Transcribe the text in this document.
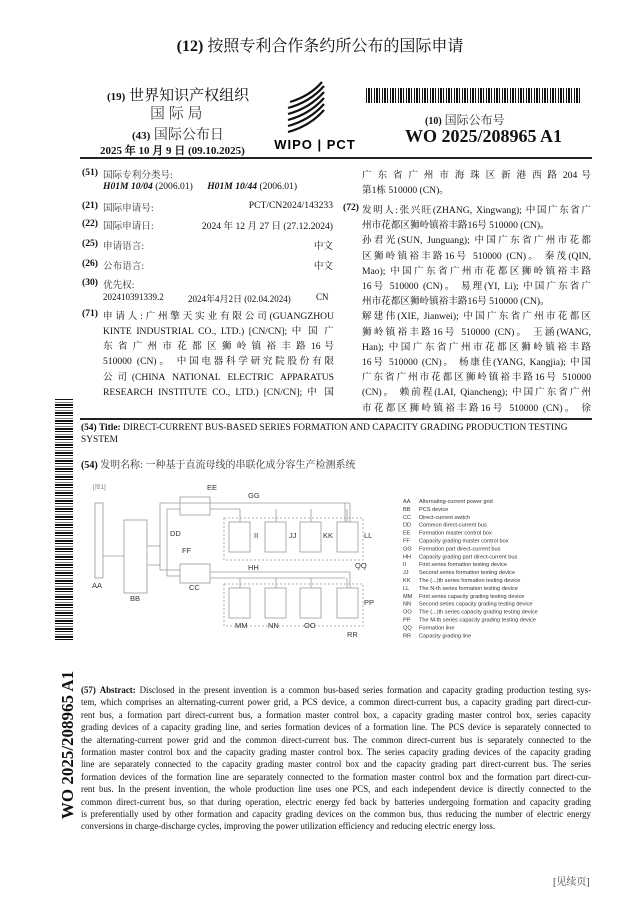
(12) 按照专利合作条约所公布的国际申请
(19) 世界知识产权组织
国 际 局
(43) 国际公布日
2025 年 10 月 9 日 (09.10.2025) WIPO | PCT
(10) 国际公布号
WO 2025/208965 A1
(51) 国际专利分类号:
H01M 10/04 (2006.01) H01M 10/44 (2006.01)
(21) 国际申请号:	PCT/CN2024/143233
(22) 国际申请日:	2024 年 12 月 27 日 (27.12.2024)
(25) 申请语言:	中文
(26) 公布语言:	中文
(30) 优先权:
202410391339.2	2024年4月2日 (02.04.2024)	CN
(71) 申请人:广州擎天实业有限公司(GUANGZHOU
KINTE INDUSTRIAL CO., LTD.) [CN/CN]; 中 国 广
东 省 广 州 市 花 都 区 狮 岭 镇 裕 丰 路 16 号
510000 (CN)。 中国电器科学研究院股份有限
公司(CHINA NATIONAL ELECTRIC APPARATUS
RESEARCH INSTITUTE CO., LTD.) [CN/CN]; 中 国
广 东 省 广 州 市 海 珠 区 新 港 西 路 204 号
第1栋 510000 (CN)。
(72) 发明人:张兴旺(ZHANG, Xingwang); 中国广东省广
州市花都区狮岭镇裕丰路16号 510000 (CN)。
孙君光(SUN, Junguang); 中国广东省广州市花都
区狮岭镇裕丰路16号 510000 (CN)。 秦茂(QIN,
Mao); 中国广东省广州市花都区狮岭镇裕丰路
16号 510000 (CN)。 易理(YI, Li); 中国广东省广
州市花都区狮岭镇裕丰路16号 510000 (CN)。
解建伟(XIE, Jianwei); 中国广东省广州市花都区
狮岭镇裕丰路16号 510000 (CN)。 王涵(WANG,
Han); 中国广东省广州市花都区狮岭镇裕丰路
16号 510000 (CN)。 杨康佳(YANG, Kangjia); 中国
广东省广州市花都区狮岭镇裕丰路16号 510000
(CN)。 赖前程(LAI, Qiancheng); 中国广东省广州
市花都区狮岭镇裕丰路16号 510000 (CN)。 徐
(54) Title: DIRECT-CURRENT BUS-BASED SERIES FORMATION AND CAPACITY GRADING PRODUCTION TESTING
SYSTEM
(54) 发明名称: 一种基于直流母线的串联化成分容生产检测系统
[图1]
AA
BB
CC
DD
EE
FF
GG
HH
II	JJ	KK	LL
MM	NN	OO
PP
QQ
RR
AA Alternating-current power grid
BB PCS device
CC Direct-current switch
DD Common direct-current bus
EE Formation master control box
FF Capacity grading master control box
GG Formation part direct-current bus
HH Capacity grading part direct-current bus
II First series formation testing device
JJ Second series formation testing device
KK The (...)th series formation testing device
LL The N-th series formation testing device
MM First series capacity grading testing device
NN Second series capacity grading testing device
OO The (...)th series capacity grading testing device
PP The M-th series capacity grading testing device
QQ Formation line
RR Capacity grading line
(57) Abstract: Disclosed in the present invention is a common bus-based series formation and capacity grading production testing sys-
tem, which comprises an alternating-current power grid, a PCS device, a common direct-current bus, a capacity grading part direct-cur-
rent bus, a formation part direct-current bus, a formation master control box, a capacity grading master control box, series capacity
grading devices of a capacity grading line, and series formation devices of a formation line. The PCS device is separately connected to
the alternating-current power grid and the common direct-current bus. The common direct-current bus is separately connected to the
formation master control box and the capacity grading master control box. The series capacity grading devices of the capacity grading
line are separately connected to the capacity grading master control box and the capacity grading part direct-current bus. The series
formation devices of the formation line are separately connected to the formation master control box and the formation part direct-cur-
rent bus. In the present invention, the whole production line uses one PCS, and each independent device is directly connected to the
common direct-current bus, so that during operation, electric energy fed back by batteries undergoing formation and capacity grading
is preferentially used by other formation and capacity grading devices on the common bus, thus reducing the number of electric energy
conversions in charge-discharge cycles, improving the power utilization efficiency and reducing electric energy loss.
WO 2025/208965 A1
[见续页]
